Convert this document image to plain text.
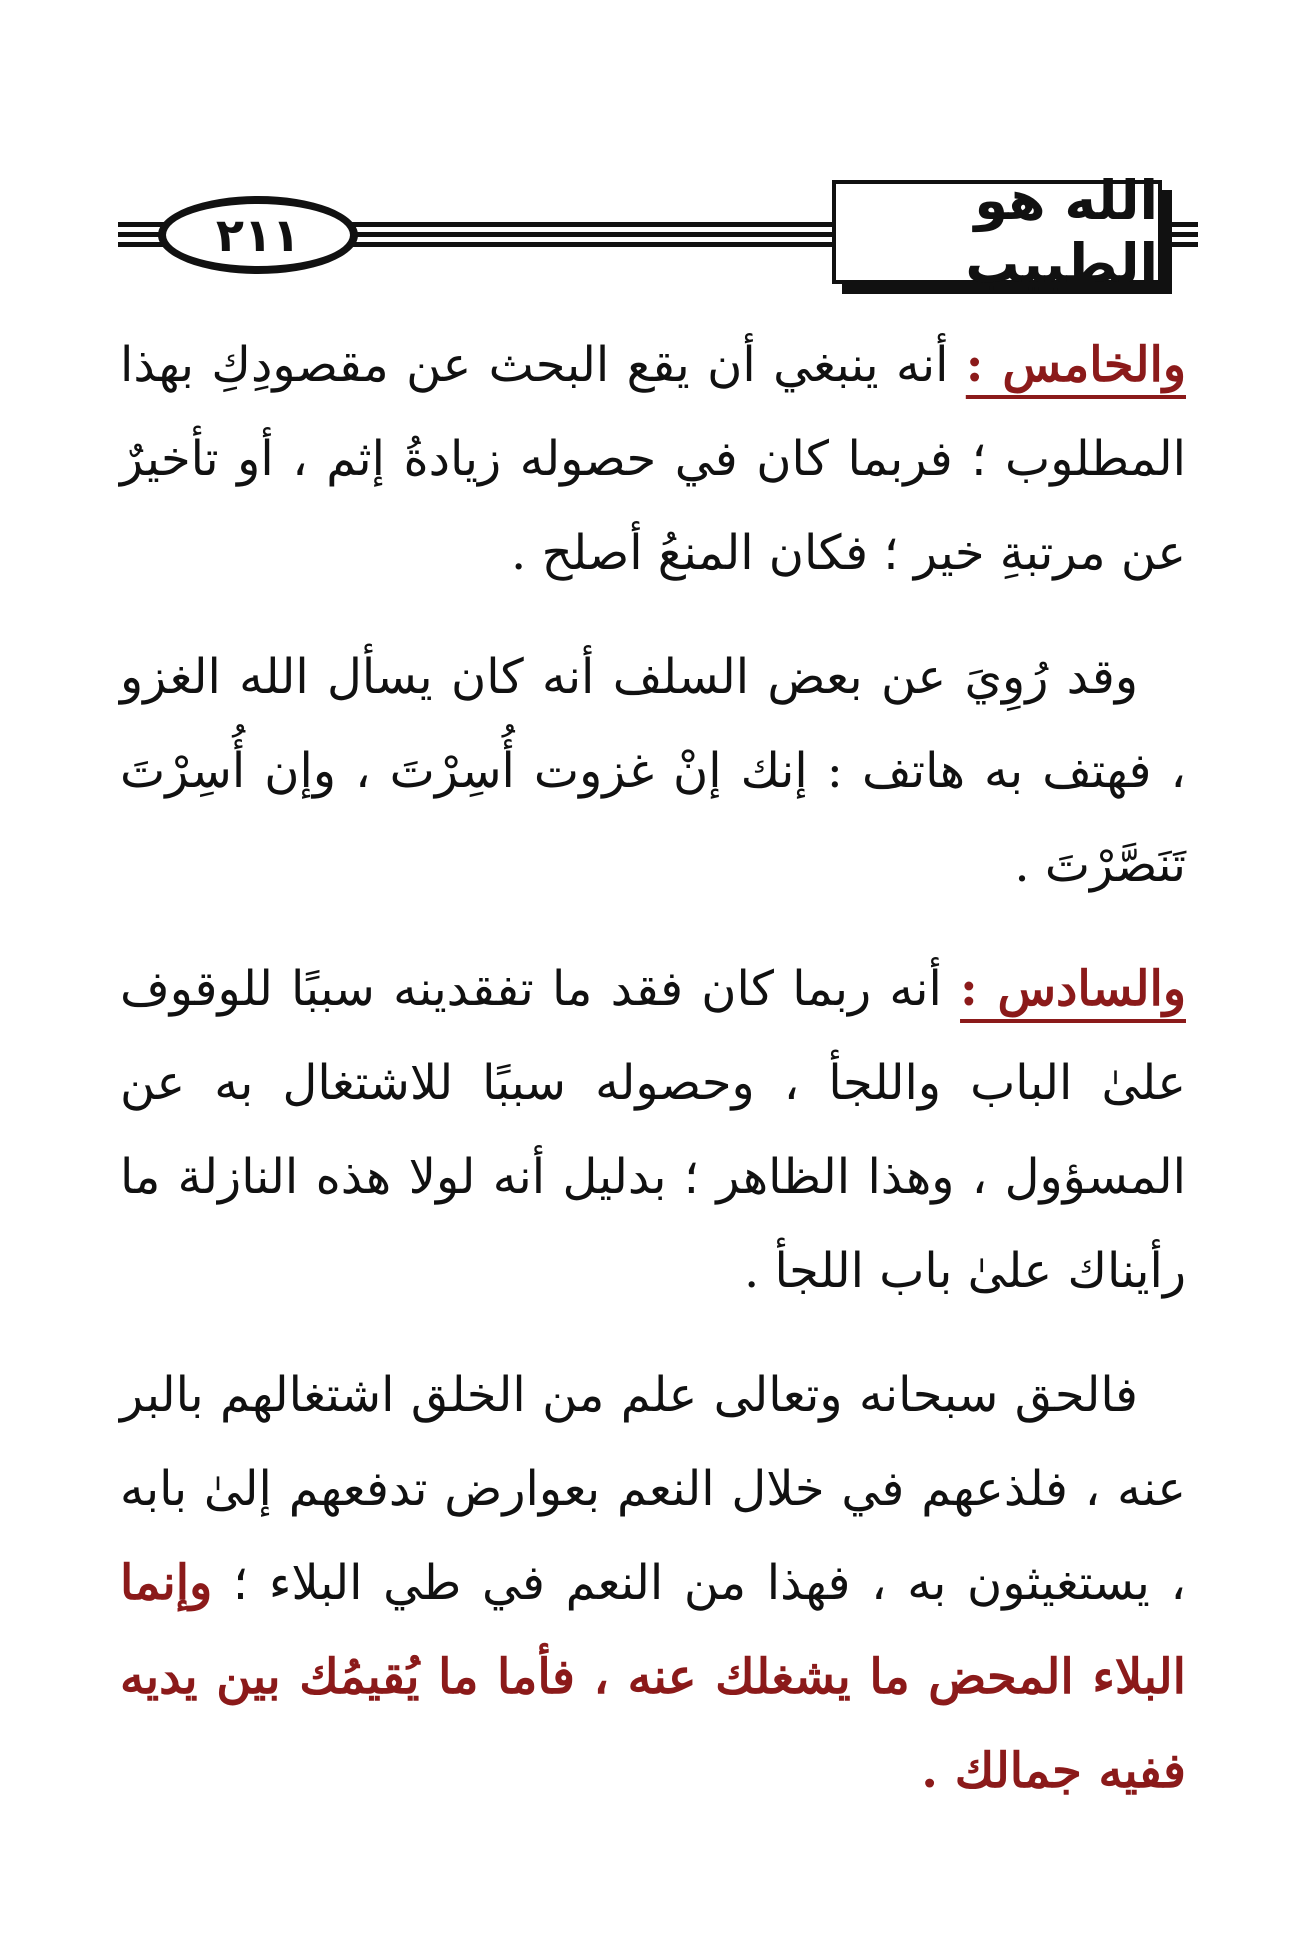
٢١١
الله هو الطبيب

والخامس : أنه ينبغي أن يقع البحث عن مقصودِكِ بهذا المطلوب ؛ فربما كان في حصوله زيادةُ إثم ، أو تأخيرٌ عن مرتبةِ خير ؛ فكان المنعُ أصلح .

وقد رُوِيَ عن بعض السلف أنه كان يسأل الله الغزو ، فهتف به هاتف : إنك إنْ غزوت أُسِرْتَ ، وإن أُسِرْتَ تَنَصَّرْتَ .

والسادس : أنه ربما كان فقد ما تفقدينه سببًا للوقوف علىٰ الباب واللجأ ، وحصوله سببًا للاشتغال به عن المسؤول ، وهذا الظاهر ؛ بدليل أنه لولا هذه النازلة ما رأيناك علىٰ باب اللجأ .

فالحق سبحانه وتعالى علم من الخلق اشتغالهم بالبر عنه ، فلذعهم في خلال النعم بعوارض تدفعهم إلىٰ بابه ، يستغيثون به ، فهذا من النعم في طي البلاء ؛ وإنما البلاء المحض ما يشغلك عنه ، فأما ما يُقيمُك بين يديه ففيه جمالك .
